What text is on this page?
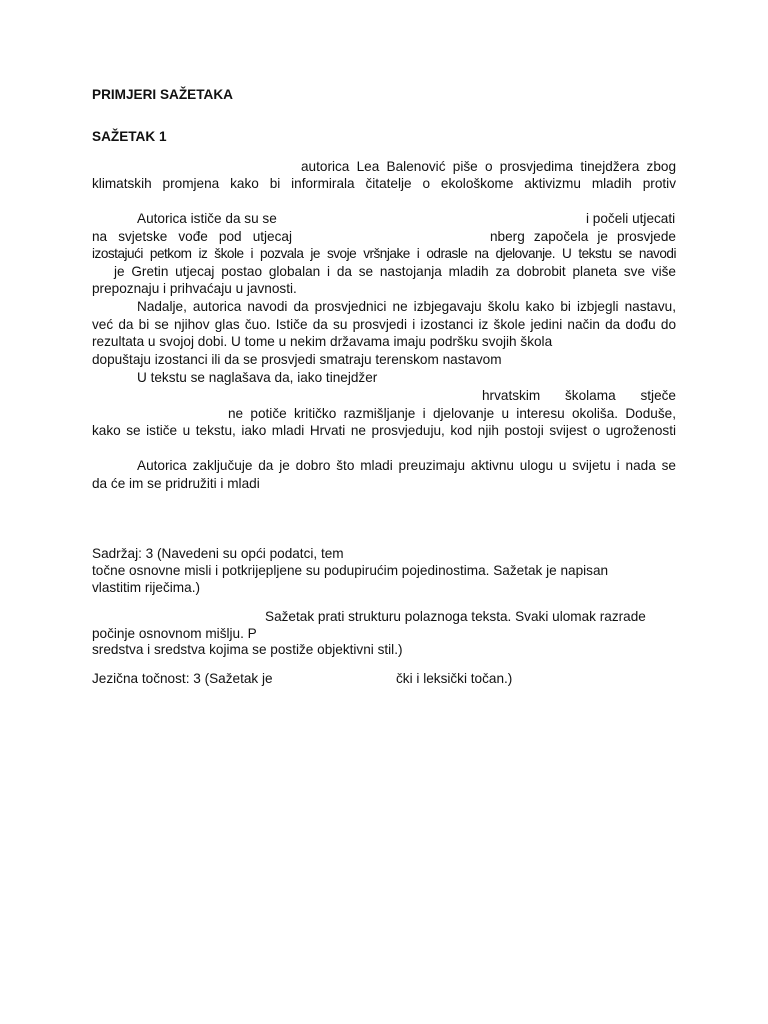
PRIMJERI SAŽETAKA
SAŽETAK 1
autorica Lea Balenović piše o prosvjedima tinejdžera zbog
klimatskih promjena kako bi informirala čitatelje o ekološkome aktivizmu mladih protiv
Autorica ističe da su se	i počeli utjecati
na svjetske vođe pod utjecaj	nberg započela je prosvjede
izostajući petkom iz škole i pozvala je svoje vršnjake i odrasle na djelovanje. U tekstu se navodi
je Gretin utjecaj postao globalan i da se nastojanja mladih za dobrobit planeta sve više
prepoznaju i prihvaćaju u javnosti.
Nadalje, autorica navodi da prosvjednici ne izbjegavaju školu kako bi izbjegli nastavu,
već da bi se njihov glas čuo. Ističe da su prosvjedi i izostanci iz škole jedini način da dođu do
rezultata u svojoj dobi. U tome u nekim državama imaju podršku svojih škola
dopuštaju izostanci ili da se prosvjedi smatraju terenskom nastavom
U tekstu se naglašava da, iako tinejdžer
hrvatskim školama stječe
ne potiče kritičko razmišljanje i djelovanje u interesu okoliša. Doduše,
kako se ističe u tekstu, iako mladi Hrvati ne prosvjeduju, kod njih postoji svijest o ugroženosti
Autorica zaključuje da je dobro što mladi preuzimaju aktivnu ulogu u svijetu i nada se
da će im se pridružiti i mladi
Sadržaj: 3 (Navedeni su opći podatci, tem
točne osnovne misli i potkrijepljene su podupirućim pojedinostima. Sažetak je napisan
vlastitim riječima.)
Sažetak prati strukturu polaznoga teksta. Svaki ulomak razrade
počinje osnovnom mišlju. P
sredstva i sredstva kojima se postiže objektivni stil.)
Jezična točnost: 3 (Sažetak je	čki i leksički točan.)
